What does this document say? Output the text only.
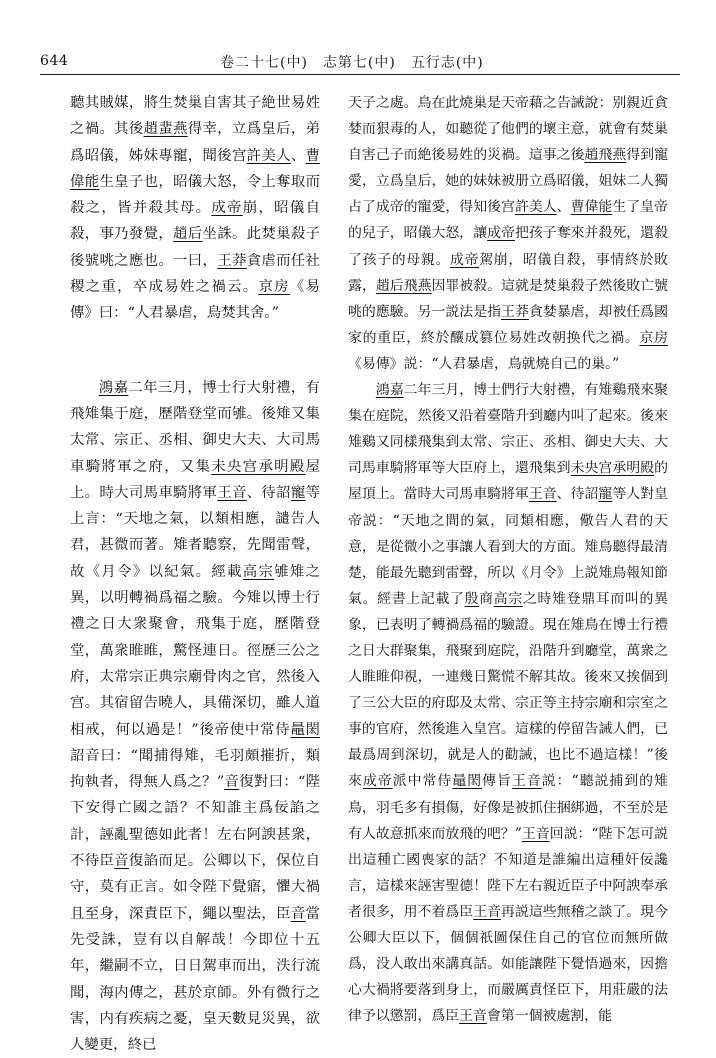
644	卷二十七(中)　志第七(中)　五行志(中)

聽其賊媒，將生焚巢自害其子絶世易姓之禍。其後趙蜚燕得幸，立爲皇后，弟爲昭儀，姊妹專寵，聞後宫許美人、曹偉能生皇子也，昭儀大怒，令上奪取而殺之，皆并殺其母。成帝崩，昭儀自殺，事乃發覺，趙后坐誅。此焚巢殺子後號咷之應也。一曰，王莽貪虐而任社稷之重，卒成易姓之禍云。京房《易傳》曰：“人君暴虐，鳥焚其舍。”

鴻嘉二年三月，博士行大射禮，有飛雉集于庭，歷階登堂而雊。後雉又集太常、宗正、丞相、御史大夫、大司馬車騎將軍之府，又集未央宫承明殿屋上。時大司馬車騎將軍王音、待詔寵等上言：“天地之氣，以類相應，譴告人君，甚微而著。雉者聽察，先聞雷聲，故《月令》以紀氣。經載高宗雊雉之異，以明轉禍爲福之驗。今雉以博士行禮之日大衆聚會，飛集于庭，歷階登堂，萬衆睢睢，驚怪連日。徑歷三公之府，太常宗正典宗廟骨肉之官，然後入宫。其宿留告曉人，具備深切，雖人道相戒，何以過是！”後帝使中常侍鼂閎詔音曰：“聞捕得雉，毛羽頗摧折，類拘執者，得無人爲之？”音復對曰：“陛下安得亡國之語？不知誰主爲佞諂之計，誣亂聖德如此者！左右阿諛甚衆，不待臣音復諂而足。公卿以下，保位自守，莫有正言。如令陛下覺寤，懼大禍且至身，深責臣下，繩以聖法，臣音當先受誅，豈有以自解哉！今即位十五年，繼嗣不立，日日駕車而出，泆行流聞，海内傳之，甚於京師。外有微行之害，内有疾病之憂，皇天數見災異，欲人變更，終已

天子之處。鳥在此燒巢是天帝藉之告誡說：别親近貪婪而狠毒的人，如聽從了他們的壞主意，就會有焚巢自害己子而絶後易姓的災禍。這事之後趙飛燕得到寵愛，立爲皇后，她的妹妹被册立爲昭儀，姐妹二人獨占了成帝的寵愛，得知後宫許美人、曹偉能生了皇帝的兒子，昭儀大怒，讓成帝把孩子奪來并殺死，還殺了孩子的母親。成帝駕崩，昭儀自殺，事情終於敗露，趙后飛燕因罪被殺。這就是焚巢殺子然後敗亡號咷的應驗。另一説法是指王莽貪婪暴虐，却被任爲國家的重臣，終於釀成篡位易姓改朝换代之禍。京房《易傳》説：“人君暴虐，鳥就燒自己的巢。”

鴻嘉二年三月，博士們行大射禮，有雉鷄飛來聚集在庭院，然後又沿着臺階升到廳内叫了起來。後來雉鷄又同樣飛集到太常、宗正、丞相、御史大夫、大司馬車騎將軍等大臣府上，還飛集到未央宫承明殿的屋頂上。當時大司馬車騎將軍王音、待詔寵等人對皇帝説：“天地之間的氣，同類相應，儆告人君的天意，是從微小之事讓人看到大的方面。雉鳥聽得最清楚，能最先聽到雷聲，所以《月令》上説雉鳥報知節氣。經書上記載了殷商高宗之時雉登鼎耳而叫的異象，已表明了轉禍爲福的驗證。現在雉鳥在博士行禮之日大群聚集，飛聚到庭院，沿階升到廳堂，萬衆之人睢睢仰視，一連幾日驚慌不解其故。後來又挨個到了三公大臣的府邸及太常、宗正等主持宗廟和宗室之事的官府，然後進入皇宫。這樣的停留告誡人們，已最爲周到深切，就是人的勸誡，也比不過這樣！”後來成帝派中常侍鼂閎傳旨王音説：“聽説捕到的雉鳥，羽毛多有損傷，好像是被抓住捆綁過，不至於是有人故意抓來而放飛的吧？”王音回説：“陛下怎可説出這種亡國喪家的話？不知道是誰編出這種奸佞讒言，這樣來誣害聖德！陛下左右親近臣子中阿諛奉承者很多，用不着爲臣王音再説這些無稽之談了。現今公卿大臣以下，個個祇圖保住自己的官位而無所做爲，没人敢出來講真話。如能讓陛下覺悟過來，因擔心大禍將要落到身上，而嚴厲責怪臣下，用莊嚴的法律予以懲罰，爲臣王音會第一個被處割，能
